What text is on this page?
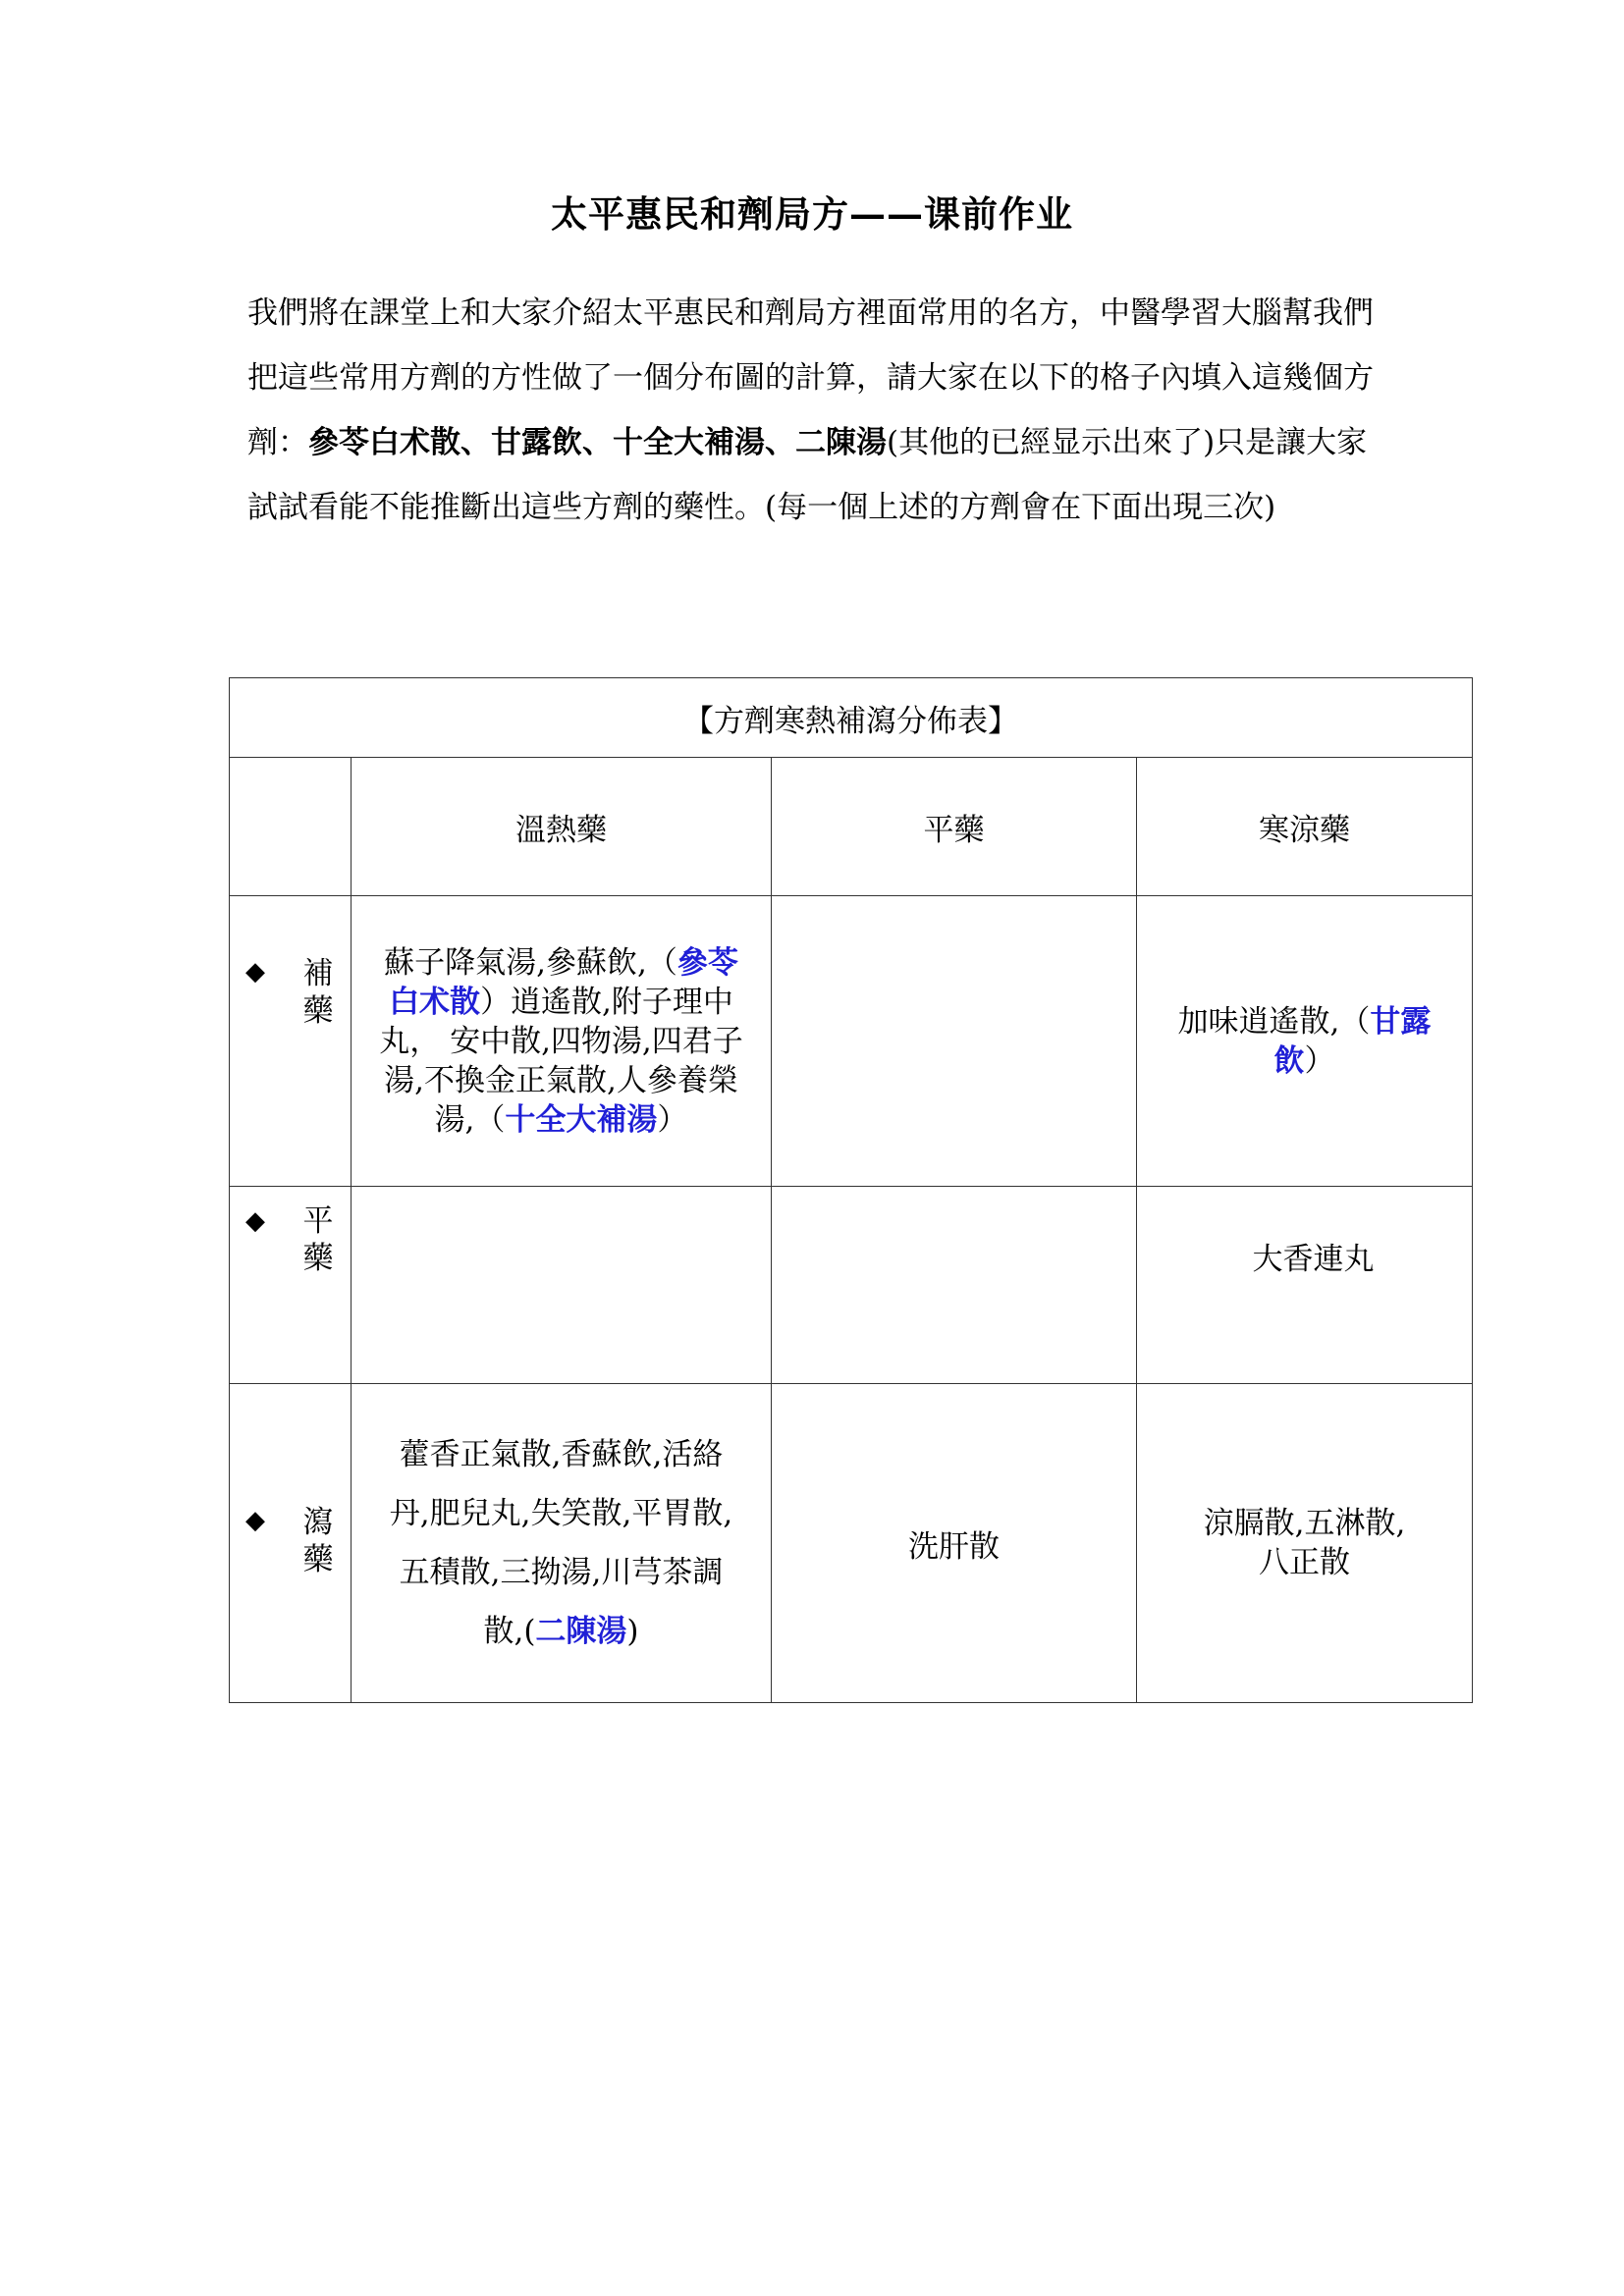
太平惠民和劑局方——课前作业
我們將在課堂上和大家介紹太平惠民和劑局方裡面常用的名方，中醫學習大腦幫我們把這些常用方劑的方性做了一個分布圖的計算，請大家在以下的格子內填入這幾個方劑：參苓白术散、甘露飲、十全大補湯、二陳湯(其他的已經显示出來了)只是讓大家試試看能不能推斷出這些方劑的藥性。(每一個上述的方劑會在下面出現三次)
【方劑寒熱補瀉分佈表】			
	溫熱藥	平藥	寒涼藥

◆ 補
藥	蘇子降氣湯,參蘇飲,（參苓白术散）逍遙散,附子理中丸， 安中散,四物湯,四君子湯,不換金正氣散,人參養榮湯,（十全大補湯）		加味逍遙散,（甘露飲）

◆ 平
藥			大香連丸

◆ 瀉
藥	藿香正氣散,香蘇飲,活絡丹,肥兒丸,失笑散,平胃散,五積散,三拗湯,川芎茶調散,(二陳湯)	洗肝散	涼膈散,五淋散,八正散
